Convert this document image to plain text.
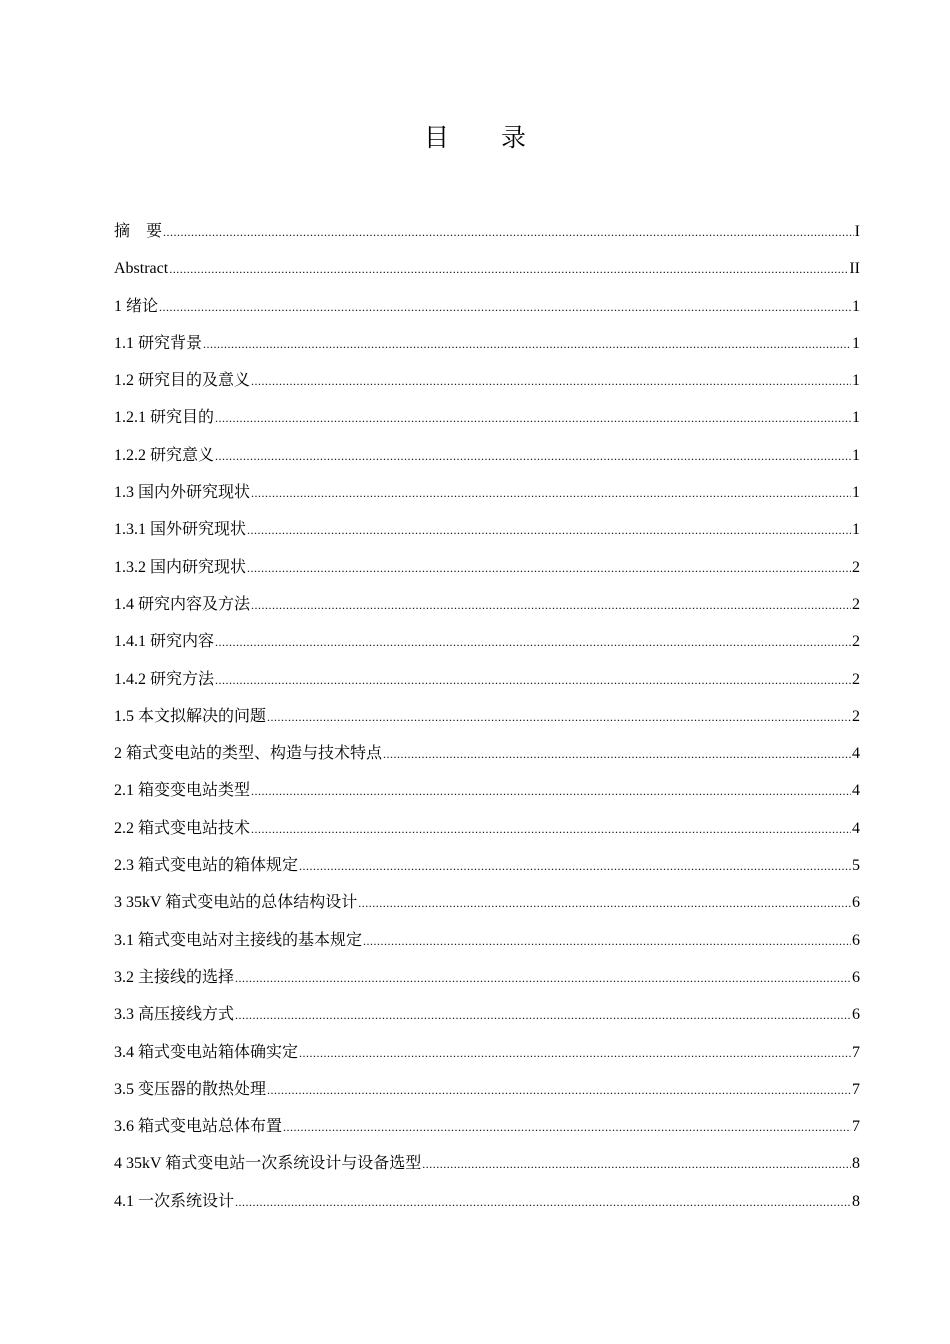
目 录
摘　要 .....	I
Abstract .....	II
1 绪论 .....	1
1.1 研究背景 .....	1
1.2 研究目的及意义 .....	1
1.2.1 研究目的 .....	1
1.2.2 研究意义 .....	1
1.3 国内外研究现状 .....	1
1.3.1 国外研究现状 .....	1
1.3.2 国内研究现状 .....	2
1.4 研究内容及方法 .....	2
1.4.1 研究内容 .....	2
1.4.2 研究方法 .....	2
1.5 本文拟解决的问题 .....	2
2 箱式变电站的类型、构造与技术特点 .....	4
2.1 箱变变电站类型 .....	4
2.2 箱式变电站技术 .....	4
2.3 箱式变电站的箱体规定 .....	5
3 35kV 箱式变电站的总体结构设计 .....	6
3.1 箱式变电站对主接线的基本规定 .....	6
3.2 主接线的选择 .....	6
3.3 高压接线方式 .....	6
3.4 箱式变电站箱体确实定 .....	7
3.5 变压器的散热处理 .....	7
3.6 箱式变电站总体布置 .....	7
4 35kV 箱式变电站一次系统设计与设备选型 .....	8
4.1 一次系统设计 .....	8
